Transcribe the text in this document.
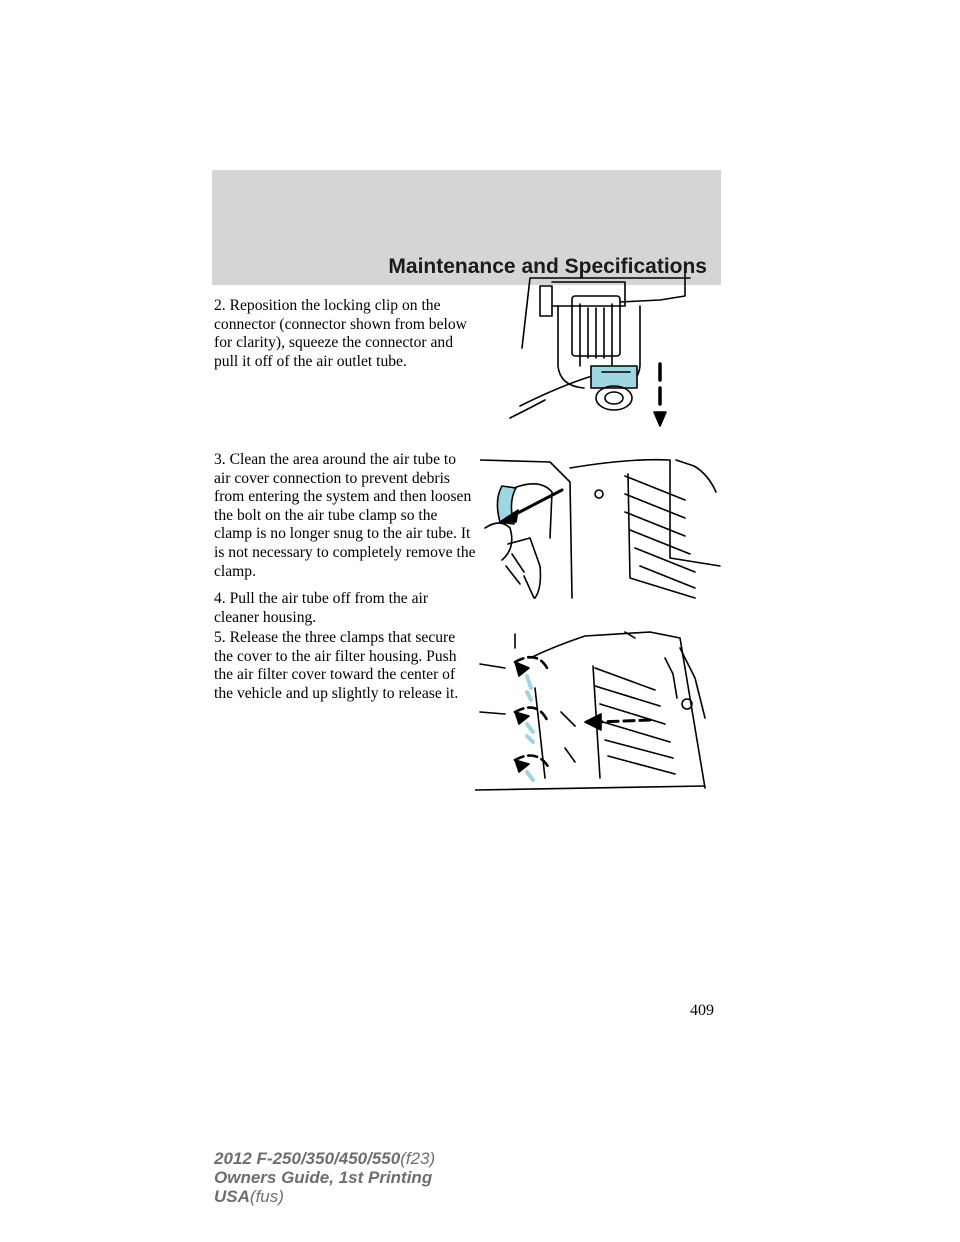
Maintenance and Specifications

2. Reposition the locking clip on the connector (connector shown from below for clarity), squeeze the connector and pull it off of the air outlet tube.

3. Clean the area around the air tube to air cover connection to prevent debris from entering the system and then loosen the bolt on the air tube clamp so the clamp is no longer snug to the air tube. It is not necessary to completely remove the clamp.

4. Pull the air tube off from the air cleaner housing.

5. Release the three clamps that secure the cover to the air filter housing. Push the air filter cover toward the center of the vehicle and up slightly to release it.

409

2012 F-250/350/450/550(f23)
Owners Guide, 1st Printing
USA(fus)
